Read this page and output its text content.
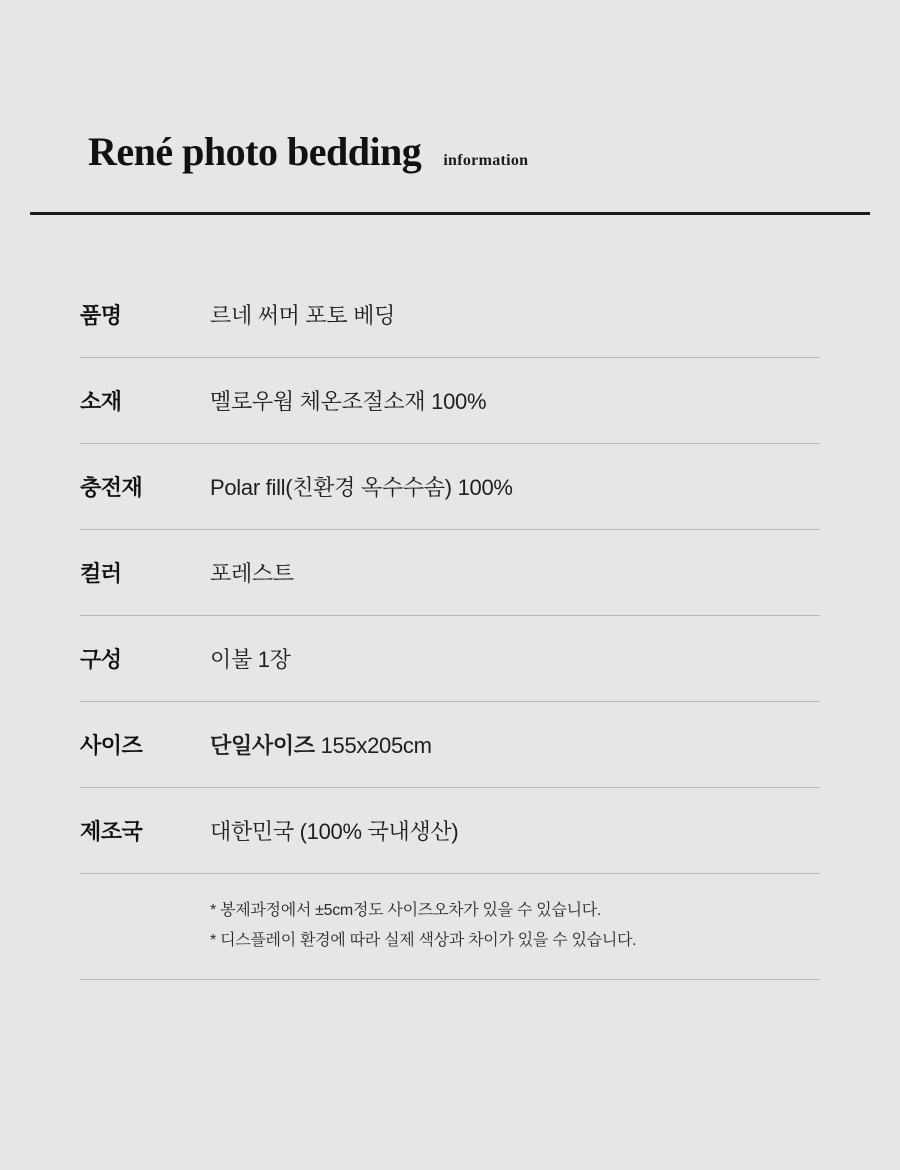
René photo bedding information
품명	르네 써머 포토 베딩
소재	멜로우웜 체온조절소재 100%
충전재	Polar fill(친환경 옥수수솜) 100%
컬러	포레스트
구성	이불 1장
사이즈	단일사이즈 155x205cm
제조국	대한민국 (100% 국내생산)
* 봉제과정에서 ±5cm정도 사이즈오차가 있을 수 있습니다.
* 디스플레이 환경에 따라 실제 색상과 차이가 있을 수 있습니다.
